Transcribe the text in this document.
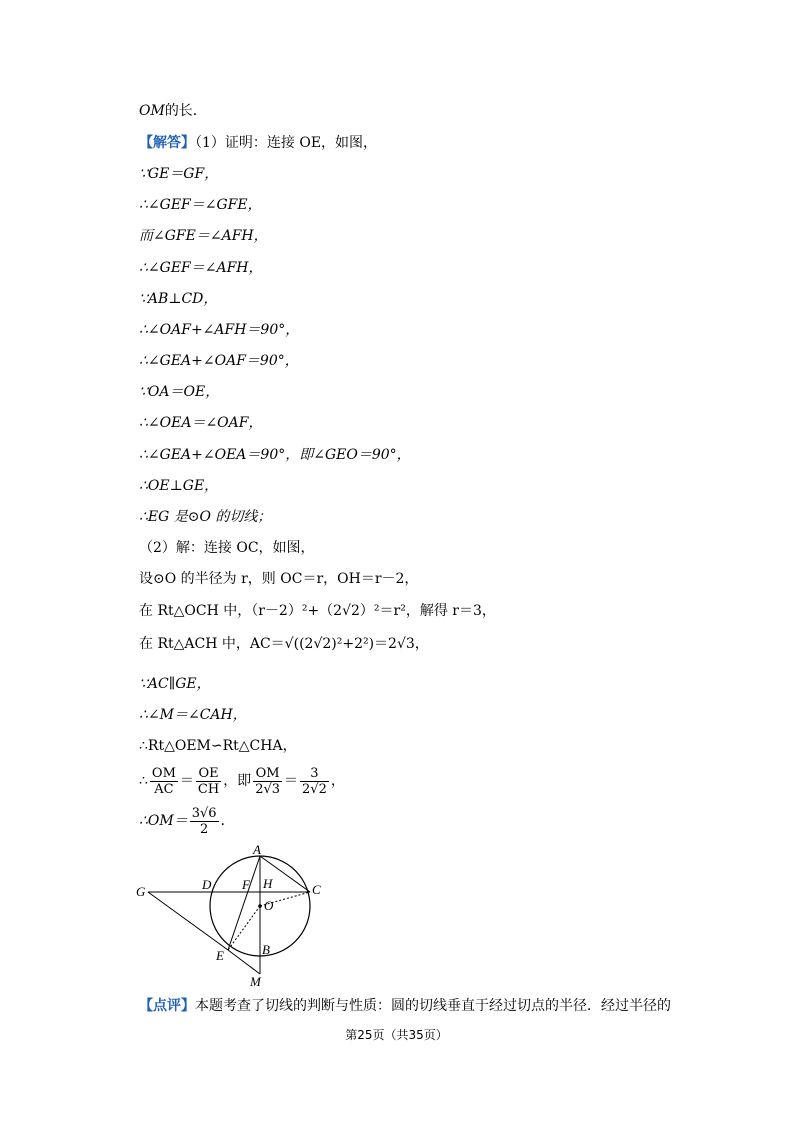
OM的长．
【解答】（1）证明：连接 OE，如图，
∵GE＝GF，
∴∠GEF＝∠GFE，
而∠GFE＝∠AFH，
∴∠GEF＝∠AFH，
∵AB⊥CD，
∴∠OAF+∠AFH＝90°，
∴∠GEA+∠OAF＝90°，
∵OA＝OE，
∴∠OEA＝∠OAF，
∴∠GEA+∠OEA＝90°，即∠GEO＝90°，
∴OE⊥GE，
∴EG 是⊙O 的切线；
（2）解：连接 OC，如图，
设⊙O 的半径为 r，则 OC＝r，OH＝r－2，
在 Rt△OCH 中，（r－2）²+（2√2）²＝r²，解得 r＝3，
在 Rt△ACH 中，AC＝√((2√2)²+2²)＝2√3，
∵AC∥GE，
∴∠M＝∠CAH，
∴Rt△OEM∽Rt△CHA，
∴ $\frac{OM}{AC} = \frac{OE}{CH}$ ，即 $\frac{OM}{2√3} = \frac{3}{2√2}$ ，
∴OM＝ $\frac{3√6}{2}$ ．
A
G	D F H	C
O
B
E
M
【点评】本题考查了切线的判断与性质：圆的切线垂直于经过切点的半径．经过半径的
第25页（共35页）
